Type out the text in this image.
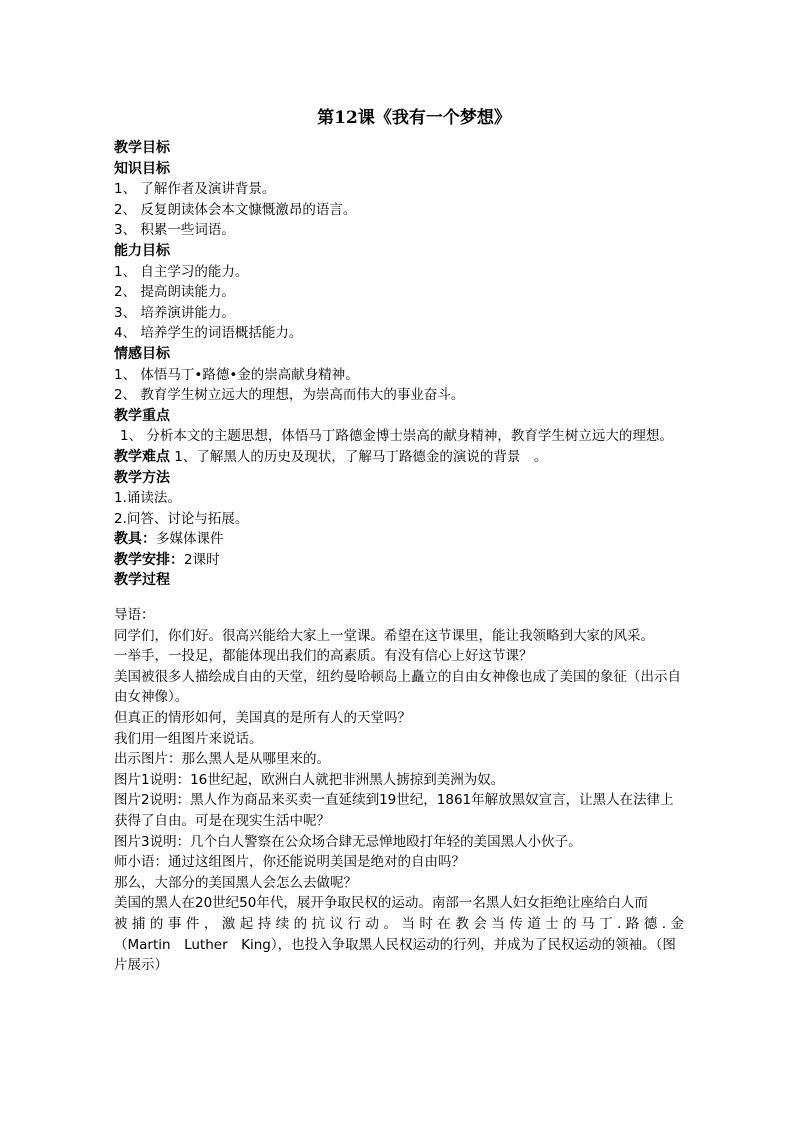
第12课《我有一个梦想》
教学目标
知识目标
1、 了解作者及演讲背景。
2、 反复朗读体会本文慷慨激昂的语言。
3、 积累一些词语。
能力目标
1、 自主学习的能力。
2、 提高朗读能力。
3、 培养演讲能力。
4、 培养学生的词语概括能力。
情感目标
1、 体悟马丁•路德•金的崇高献身精神。
2、 教育学生树立远大的理想，为崇高而伟大的事业奋斗。
教学重点
1、 分析本文的主题思想，体悟马丁路德金博士崇高的献身精神，教育学生树立远大的理想。
教学难点 1、了解黑人的历史及现状，了解马丁路德金的演说的背景　。
教学方法
1.诵读法。
2.问答、讨论与拓展。
教具：多媒体课件
教学安排：2课时
教学过程
导语：
同学们，你们好。很高兴能给大家上一堂课。希望在这节课里，能让我领略到大家的风采。
一举手，一投足，都能体现出我们的高素质。有没有信心上好这节课？
美国被很多人描绘成自由的天堂，纽约曼哈顿岛上矗立的自由女神像也成了美国的象征（出示自由女神像）。
但真正的情形如何，美国真的是所有人的天堂吗？
我们用一组图片来说话。
出示图片：那么黑人是从哪里来的。
图片1说明：16世纪起，欧洲白人就把非洲黑人掳掠到美洲为奴。
图片2说明：黑人作为商品来买卖一直延续到19世纪，1861年解放黑奴宣言，让黑人在法律上获得了自由。可是在现实生活中呢？
图片3说明：几个白人警察在公众场合肆无忌惮地殴打年轻的美国黑人小伙子。
师小语：通过这组图片，你还能说明美国是绝对的自由吗？
那么，大部分的美国黑人会怎么去做呢？
美国的黑人在20世纪50年代，展开争取民权的运动。南部一名黑人妇女拒绝让座给白人而
被捕的事件，激起持续的抗议行动。当时在教会当传道士的马丁.路德.金
（Martin　Luther　King），也投入争取黑人民权运动的行列，并成为了民权运动的领袖。（图片展示）
